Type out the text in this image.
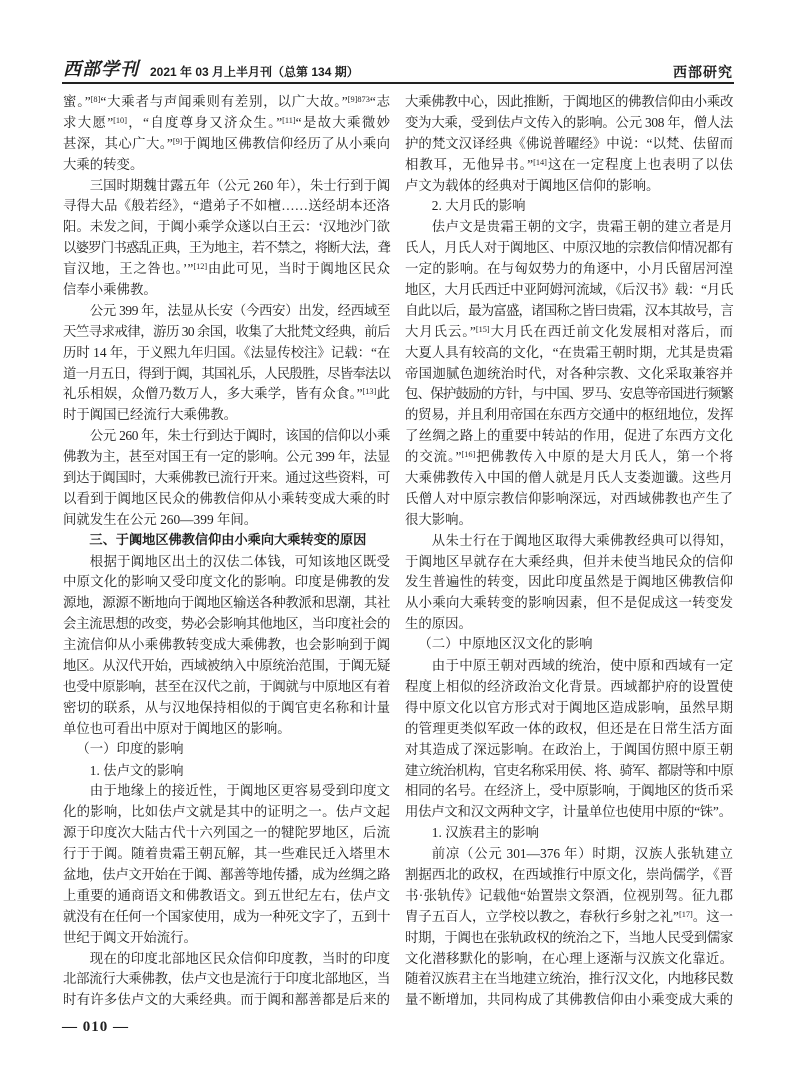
西部学刊 2021 年 03 月上半月刊（总第 134 期）	西部研究
蜜。”[8]“大乘者与声闻乘则有差别，以广大故。”$^{[9]873}$“志
求大愿”[10]，“自度尊身又济众生。”[11]“是故大乘微妙
甚深，其心广大。”[9]于阗地区佛教信仰经历了从小乘向
大乘的转变。
三国时期魏甘露五年（公元 260 年），朱士行到于阗
寻得大品《般若经》，“遣弟子不如檀……送经胡本还洛
阳。未发之间，于阗小乘学众遂以白王云：‘汉地沙门欲
以婆罗门书惑乱正典，王为地主，若不禁之，将断大法，聋
盲汉地，王之咎也。’”[12]由此可见，当时于阗地区民众
信奉小乘佛教。
公元 399 年，法显从长安（今西安）出发，经西域至
天竺寻求戒律，游历 30 余国，收集了大批梵文经典，前后
历时 14 年，于义熙九年归国。《法显传校注》记载：“在
道一月五日，得到于阗，其国礼乐，人民殷胜，尽皆奉法以
礼乐相娱，众僧乃数万人，多大乘学，皆有众食。”[13]此
时于阗国已经流行大乘佛教。
公元 260 年，朱士行到达于阗时，该国的信仰以小乘
佛教为主，甚至对国王有一定的影响。公元 399 年，法显
到达于阗国时，大乘佛教已流行开来。通过这些资料，可
以看到于阗地区民众的佛教信仰从小乘转变成大乘的时
间就发生在公元 260—399 年间。
三、于阗地区佛教信仰由小乘向大乘转变的原因
根据于阗地区出土的汉佉二体钱，可知该地区既受
中原文化的影响又受印度文化的影响。印度是佛教的发
源地，源源不断地向于阗地区输送各种教派和思潮，其社
会主流思想的改变，势必会影响其他地区，当印度社会的
主流信仰从小乘佛教转变成大乘佛教，也会影响到于阗
地区。从汉代开始，西域被纳入中原统治范围，于阗无疑
也受中原影响，甚至在汉代之前，于阗就与中原地区有着
密切的联系，从与汉地保持相似的于阗官吏名称和计量
单位也可看出中原对于阗地区的影响。
（一）印度的影响
1. 佉卢文的影响
由于地缘上的接近性，于阗地区更容易受到印度文
化的影响，比如佉卢文就是其中的证明之一。佉卢文起
源于印度次大陆古代十六列国之一的犍陀罗地区，后流
行于于阗。随着贵霜王朝瓦解，其一些难民迁入塔里木
盆地，佉卢文开始在于阗、鄯善等地传播，成为丝绸之路
上重要的通商语文和佛教语文。到五世纪左右，佉卢文
就没有在任何一个国家使用，成为一种死文字了，五到十
世纪于阗文开始流行。
现在的印度北部地区民众信仰印度教，当时的印度
北部流行大乘佛教，佉卢文也是流行于印度北部地区，当
时有许多佉卢文的大乘经典。而于阗和鄯善都是后来的
大乘佛教中心，因此推断，于阗地区的佛教信仰由小乘改
变为大乘，受到佉卢文传入的影响。公元 308 年，僧人法
护的梵文汉译经典《佛说普曜经》中说：“以梵、佉留而
相教耳，无他异书。”[14]这在一定程度上也表明了以佉
卢文为载体的经典对于阗地区信仰的影响。
2. 大月氏的影响
佉卢文是贵霜王朝的文字，贵霜王朝的建立者是月
氏人，月氏人对于阗地区、中原汉地的宗教信仰情况都有
一定的影响。在与匈奴势力的角逐中，小月氏留居河湟
地区，大月氏西迁中亚阿姆河流域，《后汉书》载：“月氏
自此以后，最为富盛，诸国称之皆曰贵霜，汉本其故号，言
大月氏云。”[15]大月氏在西迁前文化发展相对落后，而
大夏人具有较高的文化，“在贵霜王朝时期，尤其是贵霜
帝国迦腻色迦统治时代，对各种宗教、文化采取兼容并
包、保护鼓励的方针，与中国、罗马、安息等帝国进行频繁
的贸易，并且利用帝国在东西方交通中的枢纽地位，发挥
了丝绸之路上的重要中转站的作用，促进了东西方文化
的交流。”[16]把佛教传入中原的是大月氏人，第一个将
大乘佛教传入中国的僧人就是月氏人支娄迦谶。这些月
氏僧人对中原宗教信仰影响深远，对西域佛教也产生了
很大影响。
从朱士行在于阗地区取得大乘佛教经典可以得知，
于阗地区早就存在大乘经典，但并未使当地民众的信仰
发生普遍性的转变，因此印度虽然是于阗地区佛教信仰
从小乘向大乘转变的影响因素，但不是促成这一转变发
生的原因。
（二）中原地区汉文化的影响
由于中原王朝对西域的统治，使中原和西域有一定
程度上相似的经济政治文化背景。西域都护府的设置使
得中原文化以官方形式对于阗地区造成影响，虽然早期
的管理更类似军政一体的政权，但还是在日常生活方面
对其造成了深远影响。在政治上，于阗国仿照中原王朝
建立统治机构，官吏名称采用侯、将、骑军、都尉等和中原
相同的名号。在经济上，受中原影响，于阗地区的货币采
用佉卢文和汉文两种文字，计量单位也使用中原的“铢”。
1. 汉族君主的影响
前凉（公元 301—376 年）时期，汉族人张轨建立
割据西北的政权，在西域推行中原文化，崇尚儒学，《晋
书·张轨传》记载他“始置崇文祭酒，位视别驾。征九郡
胄子五百人，立学校以教之，春秋行乡射之礼”[17]。这一
时期，于阗也在张轨政权的统治之下，当地人民受到儒家
文化潜移默化的影响，在心理上逐渐与汉族文化靠近。
随着汉族君主在当地建立统治，推行汉文化，内地移民数
量不断增加，共同构成了其佛教信仰由小乘变成大乘的
— 010 —
